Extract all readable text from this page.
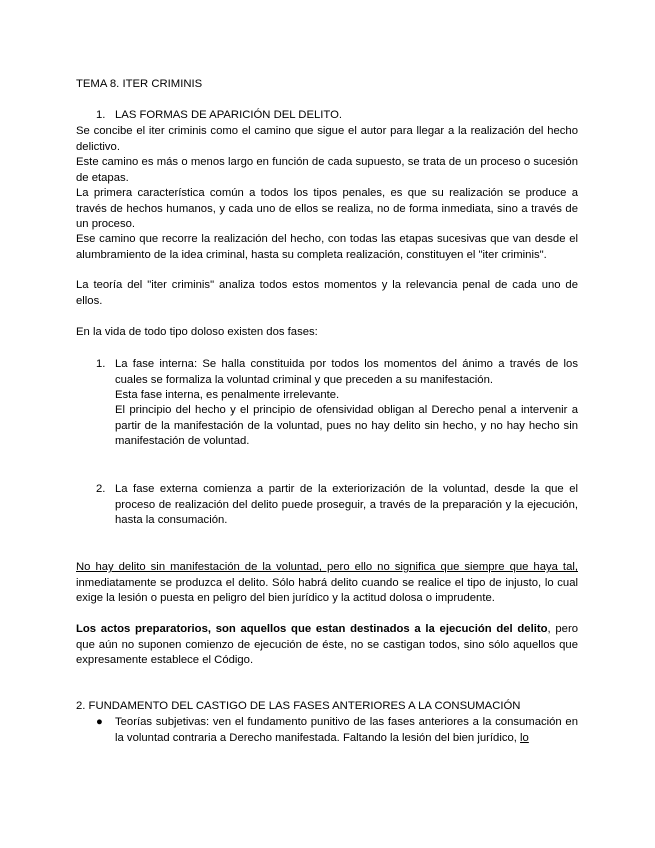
TEMA 8. ITER CRIMINIS

1. LAS FORMAS DE APARICIÓN DEL DELITO.

Se concibe el iter criminis como el camino que sigue el autor para llegar a la realización del hecho delictivo.

Este camino es más o menos largo en función de cada supuesto, se trata de un proceso o sucesión de etapas.

La primera característica común a todos los tipos penales, es que su realización se produce a través de hechos humanos, y cada uno de ellos se realiza, no de forma inmediata, sino a través de un proceso.

Ese camino que recorre la realización del hecho, con todas las etapas sucesivas que van desde el alumbramiento de la idea criminal, hasta su completa realización, constituyen el "iter criminis".

La teoría del "iter criminis" analiza todos estos momentos y la relevancia penal de cada uno de ellos.

En la vida de todo tipo doloso existen dos fases:

1. La fase interna: Se halla constituida por todos los momentos del ánimo a través de los cuales se formaliza la voluntad criminal y que preceden a su manifestación.

Esta fase interna, es penalmente irrelevante.

El principio del hecho y el principio de ofensividad obligan al Derecho penal a intervenir a partir de la manifestación de la voluntad, pues no hay delito sin hecho, y no hay hecho sin manifestación de voluntad.

2. La fase externa comienza a partir de la exteriorización de la voluntad, desde la que el proceso de realización del delito puede proseguir, a través de la preparación y la ejecución, hasta la consumación.

No hay delito sin manifestación de la voluntad, pero ello no significa que siempre que haya tal, inmediatamente se produzca el delito. Sólo habrá delito cuando se realice el tipo de injusto, lo cual exige la lesión o puesta en peligro del bien jurídico y la actitud dolosa o imprudente.

Los actos preparatorios, son aquellos que estan destinados a la ejecución del delito, pero que aún no suponen comienzo de ejecución de éste, no se castigan todos, sino sólo aquellos que expresamente establece el Código.

2. FUNDAMENTO DEL CASTIGO DE LAS FASES ANTERIORES A LA CONSUMACIÓN

● Teorías subjetivas: ven el fundamento punitivo de las fases anteriores a la consumación en la voluntad contraria a Derecho manifestada. Faltando la lesión del bien jurídico, lo
